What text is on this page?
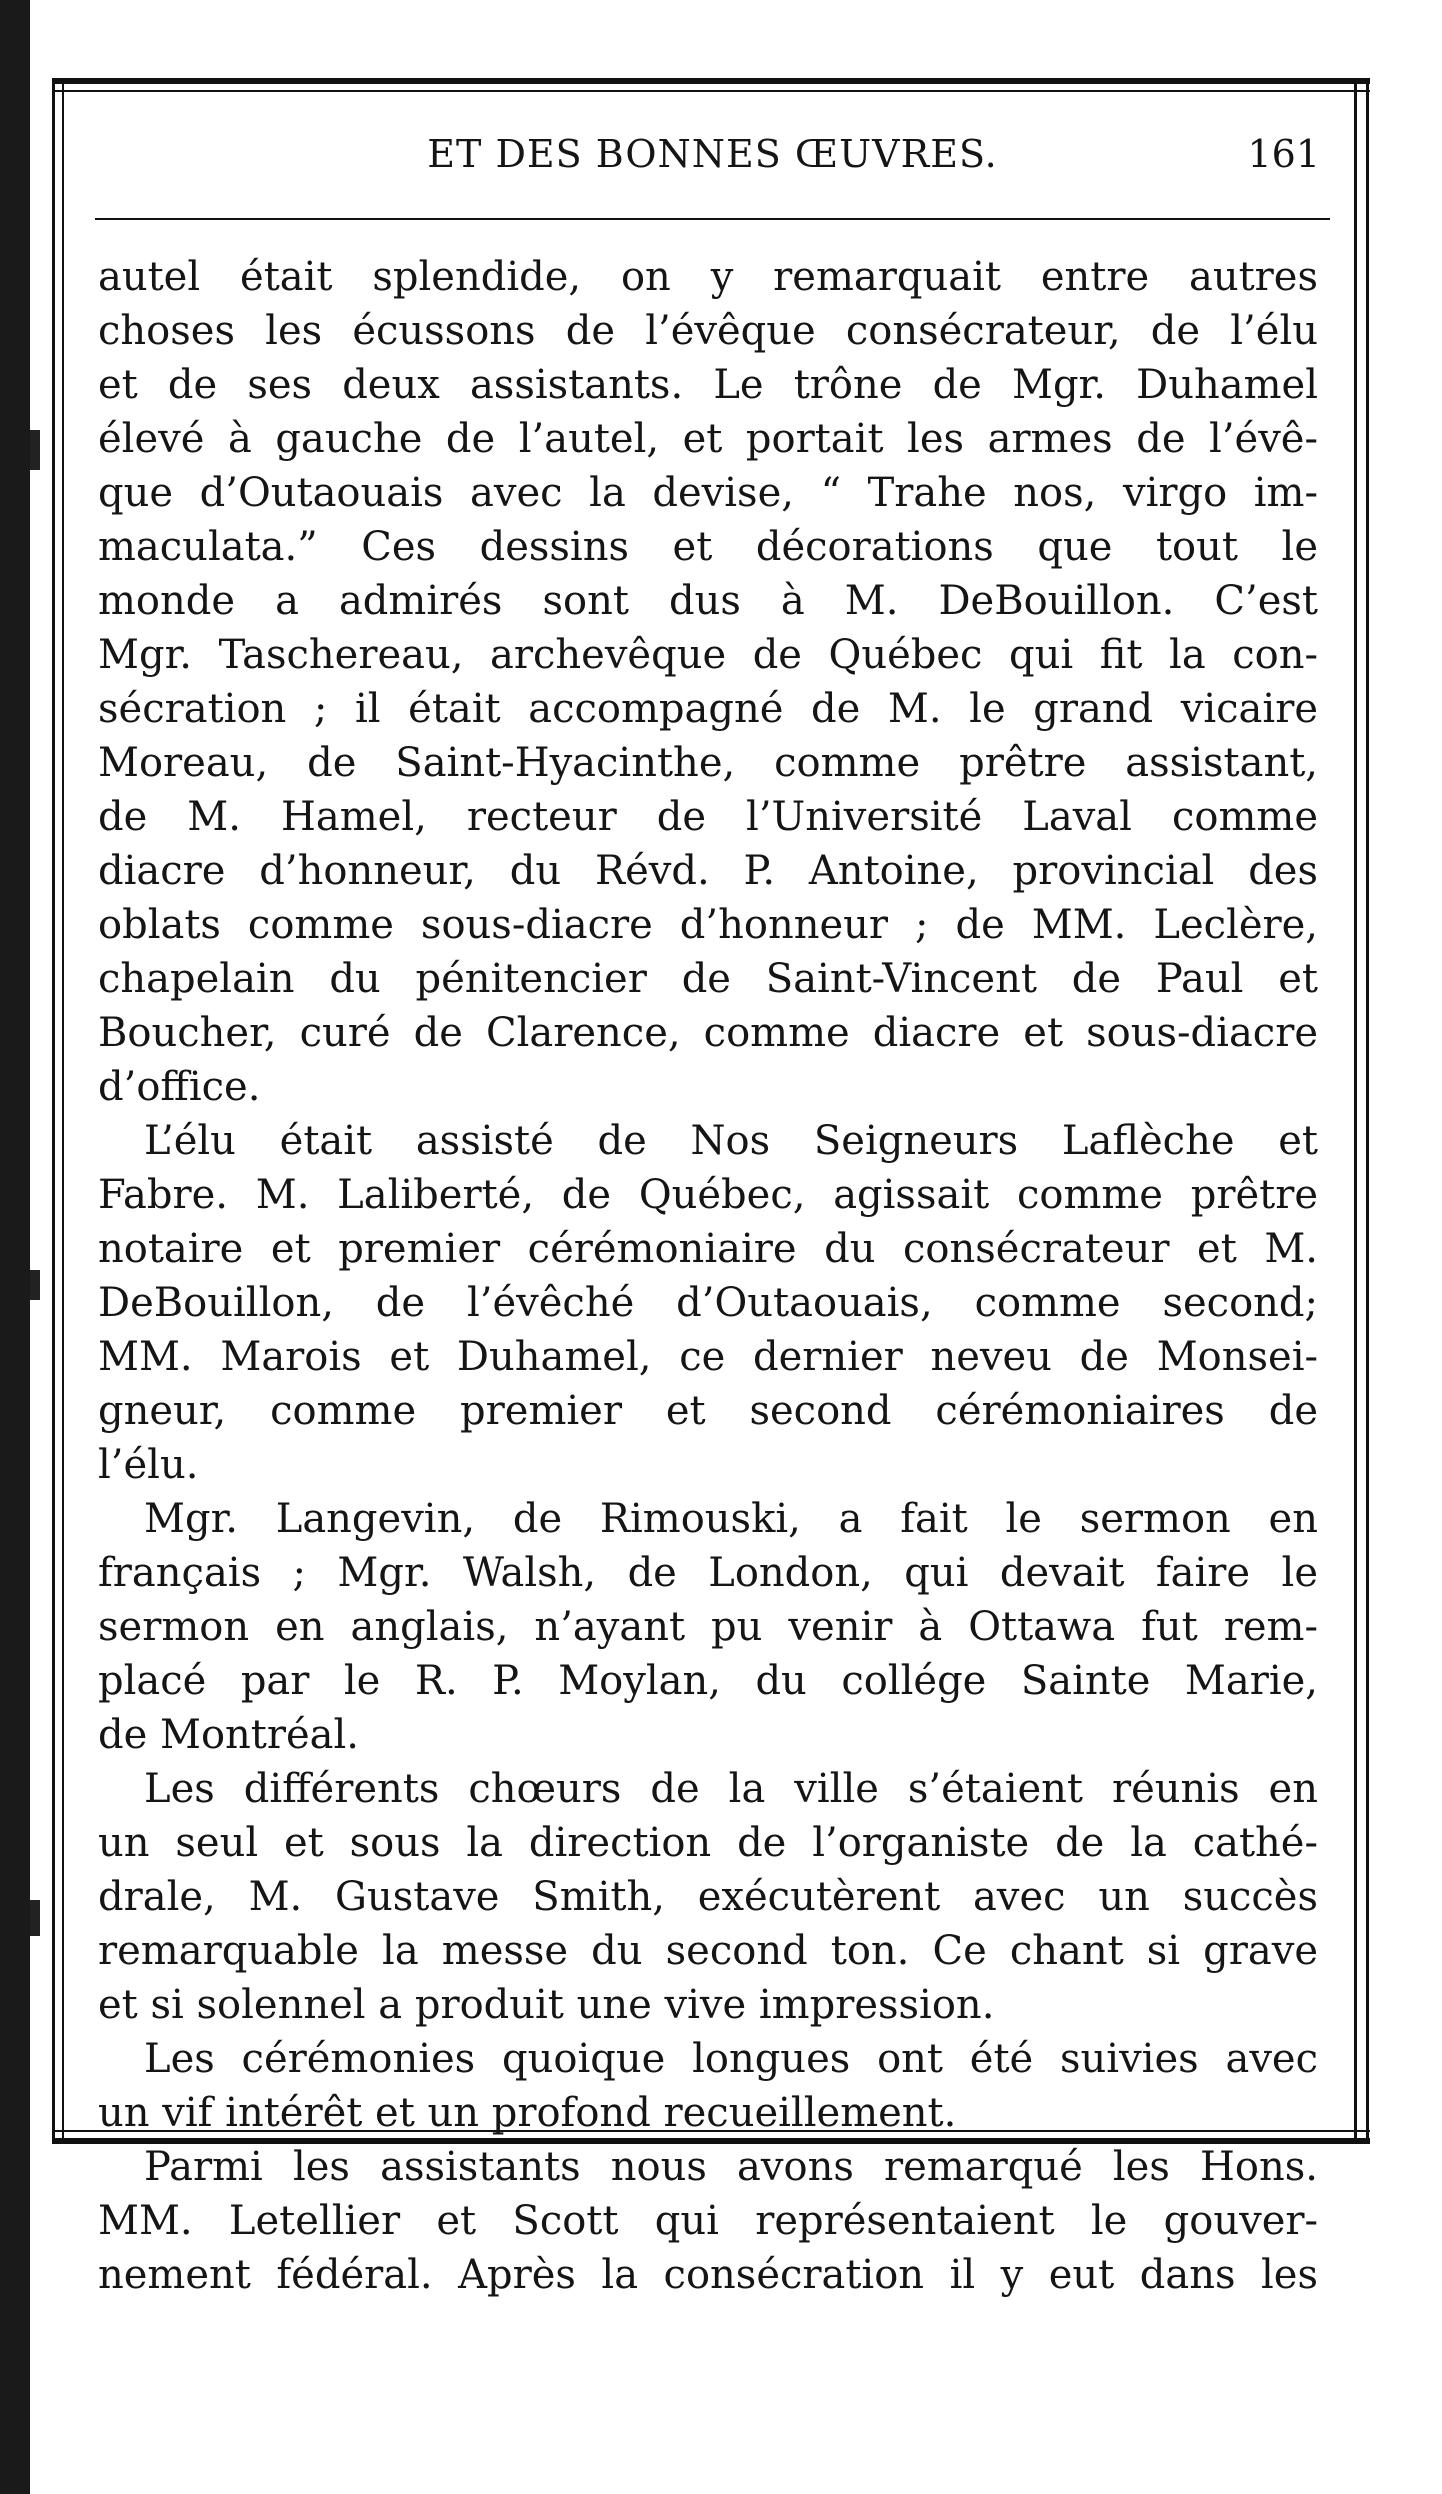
ET DES BONNES ŒUVRES.	161
autel était splendide, on y remarquait entre autres
choses les écussons de l’évêque consécrateur, de l’élu
et de ses deux assistants. Le trône de Mgr. Duhamel
élevé à gauche de l’autel, et portait les armes de l’évê-
que d’Outaouais avec la devise, “ Trahe nos, virgo im-
maculata.” Ces dessins et décorations que tout le
monde a admirés sont dus à M. DeBouillon. C’est
Mgr. Taschereau, archevêque de Québec qui fit la con-
sécration ; il était accompagné de M. le grand vicaire
Moreau, de Saint-Hyacinthe, comme prêtre assistant,
de M. Hamel, recteur de l’Université Laval comme
diacre d’honneur, du Révd. P. Antoine, provincial des
oblats comme sous-diacre d’honneur ; de MM. Leclère,
chapelain du pénitencier de Saint-Vincent de Paul et
Boucher, curé de Clarence, comme diacre et sous-diacre
d’office.
L’élu était assisté de Nos Seigneurs Laflèche et
Fabre. M. Laliberté, de Québec, agissait comme prêtre
notaire et premier cérémoniaire du consécrateur et M.
DeBouillon, de l’évêché d’Outaouais, comme second;
MM. Marois et Duhamel, ce dernier neveu de Monsei-
gneur, comme premier et second cérémoniaires de
l’élu.
Mgr. Langevin, de Rimouski, a fait le sermon en
français ; Mgr. Walsh, de London, qui devait faire le
sermon en anglais, n’ayant pu venir à Ottawa fut rem-
placé par le R. P. Moylan, du collége Sainte Marie,
de Montréal.
Les différents chœurs de la ville s’étaient réunis en
un seul et sous la direction de l’organiste de la cathé-
drale, M. Gustave Smith, exécutèrent avec un succès
remarquable la messe du second ton. Ce chant si grave
et si solennel a produit une vive impression.
Les cérémonies quoique longues ont été suivies avec
un vif intérêt et un profond recueillement.
Parmi les assistants nous avons remarqué les Hons.
MM. Letellier et Scott qui représentaient le gouver-
nement fédéral. Après la consécration il y eut dans les
